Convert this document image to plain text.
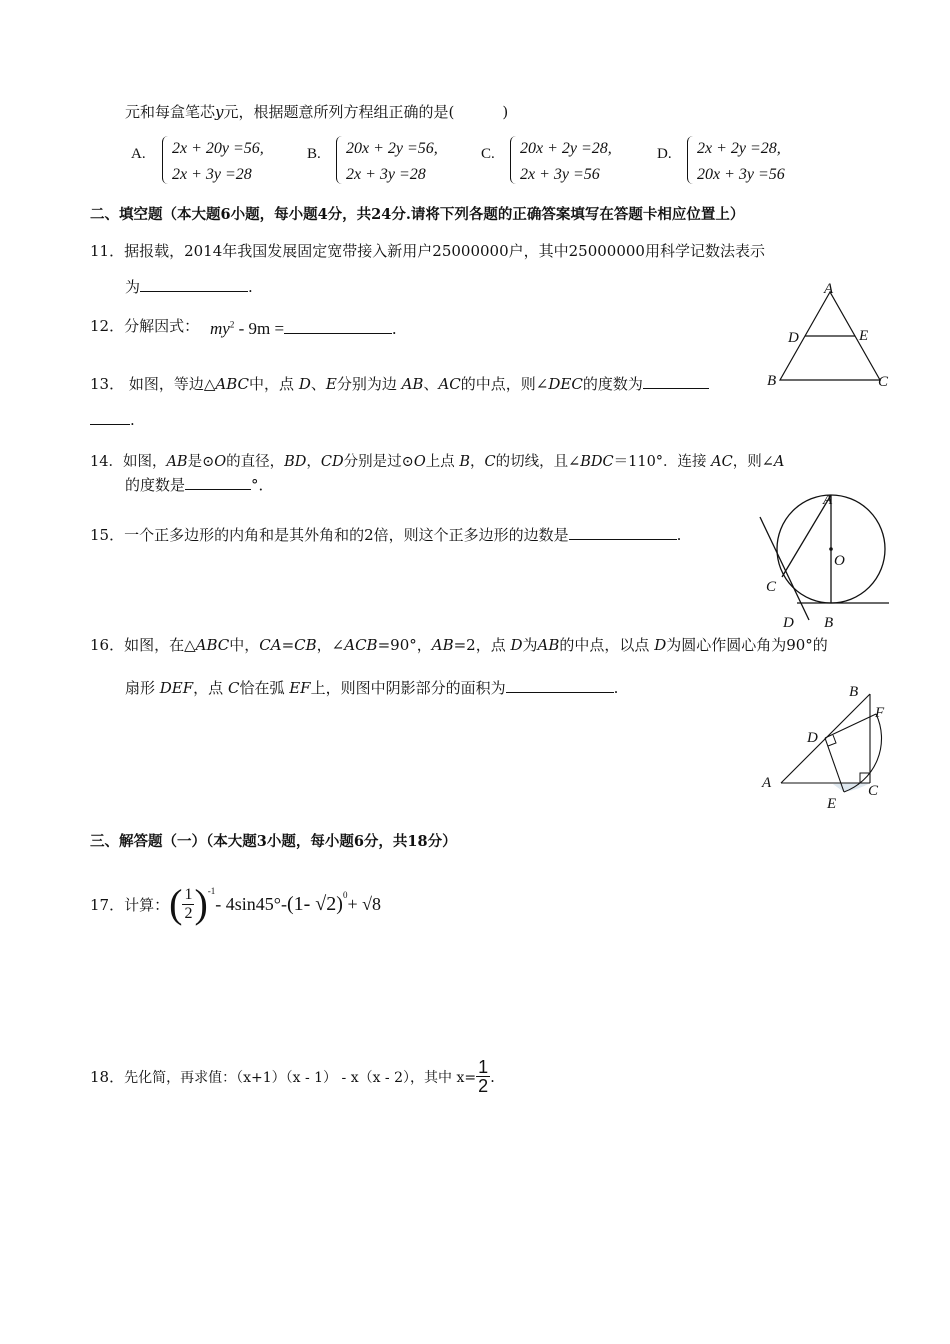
元和每盒笔芯y元，根据题意所列方程组正确的是(	)
A. 2x + 20y =56,
2x + 3y =28
B. 20x + 2y =56,
2x + 3y =28
C. 20x + 2y =28,
2x + 3y =56
D. 2x + 2y =28,
20x + 3y =56
二、填空题（本大题6小题，每小题4分，共24分.请将下列各题的正确答案填写在答题卡相应位置上）
11．据报载，2014年我国发展固定宽带接入新用户25000000户，其中25000000用科学记数法表示
为	.
12．分解因式： $my^2 - 9m$ =	.
13． 如图，等边△ABC中，点 D、E分别为边 AB、AC的中点，则∠DEC的度数为
.
14．如图，AB是⊙O的直径，BD，CD分别是过⊙O上点 B，C的切线，且∠BDC＝110°．连接 AC，则∠A
的度数是	°．
15．一个正多边形的内角和是其外角和的2倍，则这个正多边形的边数是	.
16．如图，在△ABC中，CA=CB，∠ACB=90°，AB=2，点 D为AB的中点，以点 D为圆心作圆心角为90°的
扇形 DEF，点 C恰在弧 EF上，则图中阴影部分的面积为	.
三、解答题（一）（本大题3小题，每小题6分，共18分）
17． 计算： ( $\frac{1}{2} )^{-1}$
- 4sin45° - (1- √2)$^0$ + √8
18． 先化简，再求值：（x+1）（x - 1） - x（x - 2），其中 $x= \frac{1}{2}$ .
A
D	E
B	C
A
O
C
D B
B
F
D
A	C
E
